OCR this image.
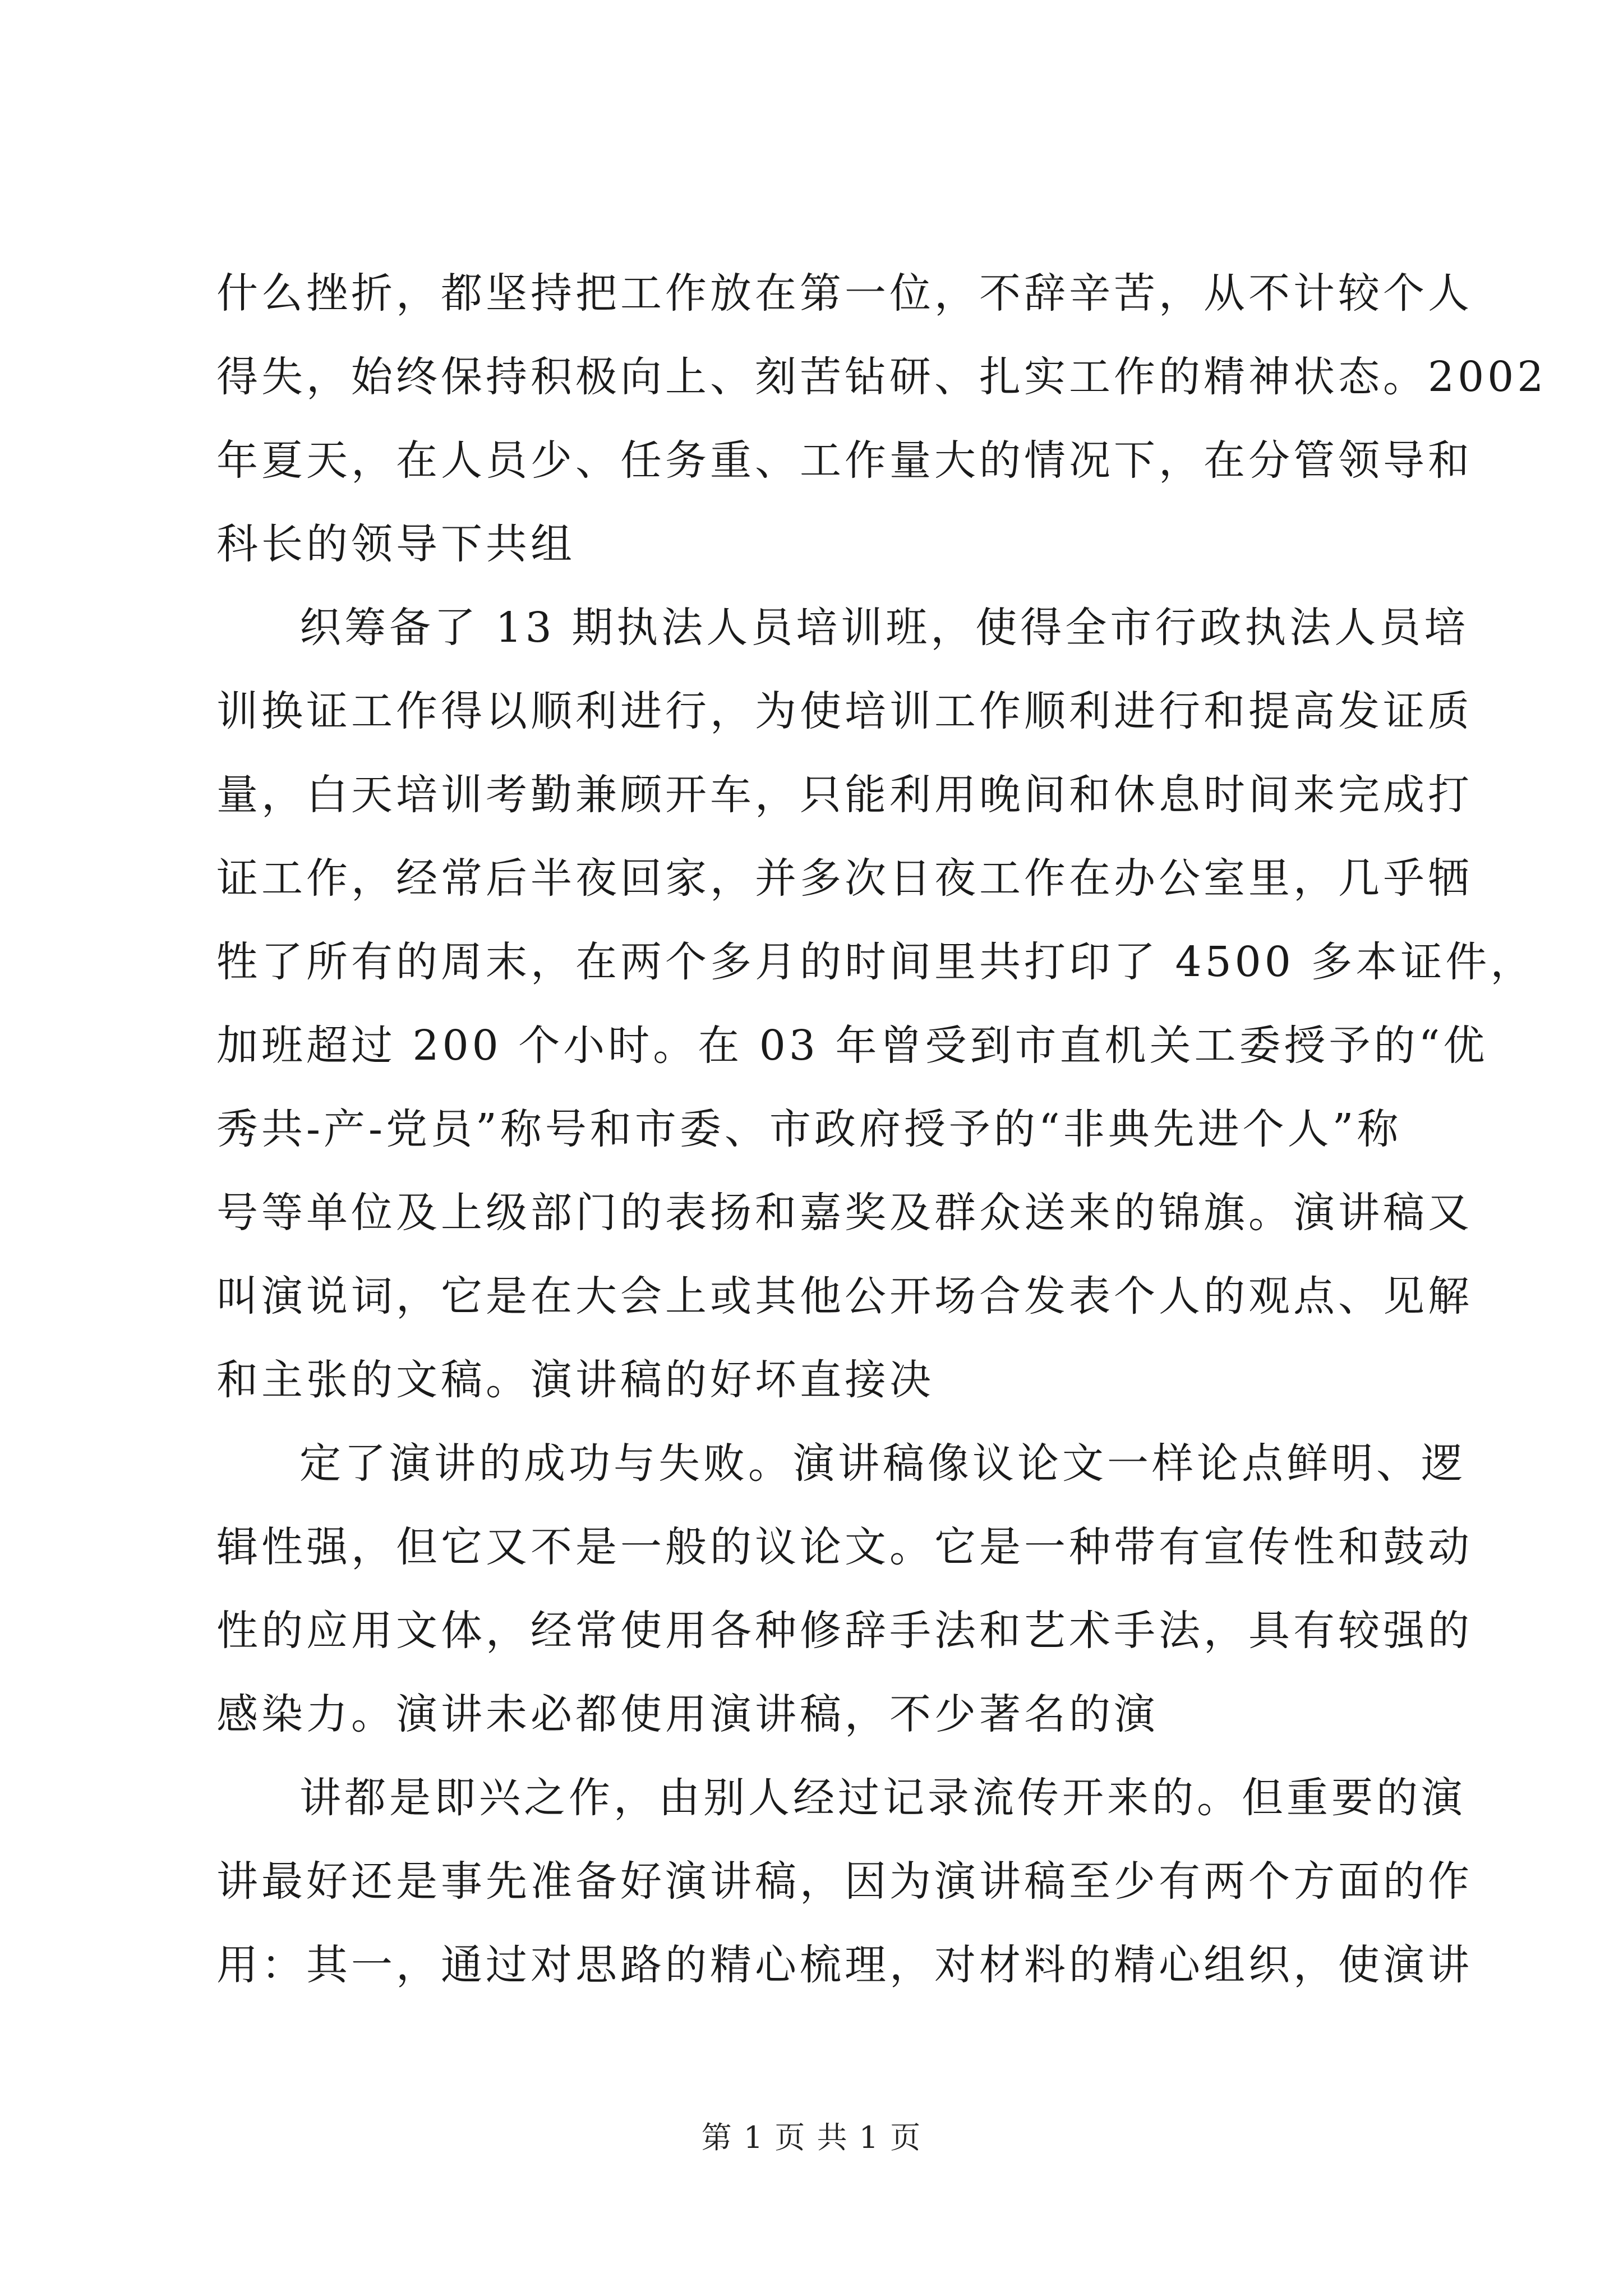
什么挫折，都坚持把工作放在第一位，不辞辛苦，从不计较个人
得失，始终保持积极向上、刻苦钻研、扎实工作的精神状态。2002
年夏天，在人员少、任务重、工作量大的情况下，在分管领导和
科长的领导下共组
织筹备了 13 期执法人员培训班，使得全市行政执法人员培
训换证工作得以顺利进行，为使培训工作顺利进行和提高发证质
量，白天培训考勤兼顾开车，只能利用晚间和休息时间来完成打
证工作，经常后半夜回家，并多次日夜工作在办公室里，几乎牺
牲了所有的周末，在两个多月的时间里共打印了 4500 多本证件，
加班超过 200 个小时。在 03 年曾受到市直机关工委授予的“优
秀共-产-党员”称号和市委、市政府授予的“非典先进个人”称
号等单位及上级部门的表扬和嘉奖及群众送来的锦旗。演讲稿又
叫演说词，它是在大会上或其他公开场合发表个人的观点、见解
和主张的文稿。演讲稿的好坏直接决
定了演讲的成功与失败。演讲稿像议论文一样论点鲜明、逻
辑性强，但它又不是一般的议论文。它是一种带有宣传性和鼓动
性的应用文体，经常使用各种修辞手法和艺术手法，具有较强的
感染力。演讲未必都使用演讲稿，不少著名的演
讲都是即兴之作，由别人经过记录流传开来的。但重要的演
讲最好还是事先准备好演讲稿，因为演讲稿至少有两个方面的作
用：其一，通过对思路的精心梳理，对材料的精心组织，使演讲
第 1 页 共 1 页
